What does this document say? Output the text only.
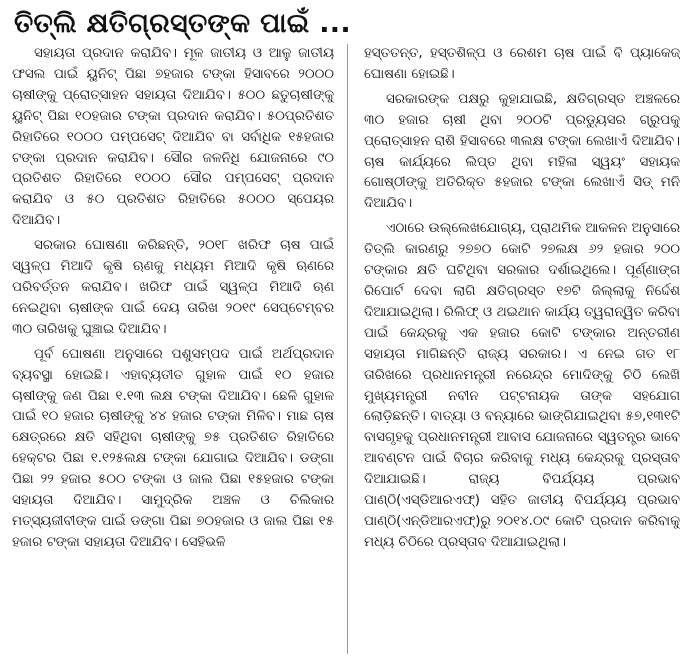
ତିତ୍‌ଲି କ୍ଷତିଗ୍ରସ୍ତଙ୍କ ପାଇଁ ...

ସହାୟତା ପ୍ରଦାନ କରାଯିବ। ମୂଳ ଜାତୀୟ ଓ ଆଳୁ ଜାତୀୟ ଫସଲ ପାଇଁ ୟୁନିଟ୍ ପିଛା ୭ହଜାର ଟଙ୍କା ହିସାବରେ ୨୦୦୦ ଚାଷୀଙ୍କୁ ପ୍ରୋତ୍ସାହନ ସହାୟତା ଦିଆଯିବ। ୫୦୦ ଛତୁଚାଷୀଙ୍କୁ ୟୁନିଟ୍ ପିଛା ୧୦ହଜାର ଟଙ୍କା ପ୍ରଦାନ କରାଯିବ। ୫୦ପ୍ରତିଶତ ରିହାତିରେ ୧୦୦୦ ପମ୍ପସେଟ୍ ଦିଆଯିବ ବା ସର୍ବାଧିକ ୧୫ହଜାର ଟଙ୍କା ପ୍ରଦାନ କରାଯିବ। ସୌର ଜଳନିଧି ଯୋଜନାରେ ୯୦ ପ୍ରତିଶତ ରିହାତିରେ ୧୦୦୦ ସୌର ପମ୍ପସେଟ୍ ପ୍ରଦାନ କରାଯିବ ଓ ୫୦ ପ୍ରତିଶତ ରିହାତିରେ ୫୦୦୦ ସ୍ପେୟର ଦିଆଯିବ।

ସରକାର ଘୋଷଣା କରିଛନ୍ତି, ୨୦୧୮ ଖରିଫ ଚାଷ ପାଇଁ ସ୍ୱଳ୍ପ ମିଆଦି କୃଷି ଋଣକୁ ମଧ୍ୟମ ମିଆଦି କୃଷି ଋଣରେ ପରିବର୍ତ୍ତନ କରାଯିବ। ଖରିଫ ପାଇଁ ସ୍ୱଳ୍ପ ମିଆଦି ଋଣ ନେଇଥିବା ଚାଷୀଙ୍କ ପାଇଁ ଦେୟ ତାରିଖ ୨୦୧୯ ସେପ୍ଟେମ୍ବର ୩୦ ତାରିଖକୁ ଘୁଞ୍ଚାଇ ଦିଆଯିବ।

ପୂର୍ବ ଘୋଷଣା ଅନୁସାରେ ପଶୁସମ୍ପଦ ପାଇଁ ଅର୍ଥପ୍ରଦାନ ବ୍ୟବସ୍ଥା ହୋଇଛି। ଏହାବ୍ୟତୀତ ଗୁହାଳ ପାଇଁ ୧୦ ହଜାର ଚାଷୀଙ୍କୁ ଜଣ ପିଛା ୧.୧୩ ଲକ୍ଷ ଟଙ୍କା ଦିଆଯିବ। ଛେଳି ଗୁହାଳ ପାଇଁ ୧୦ ହଜାର ଚାଷୀଙ୍କୁ ୪୪ ହଜାର ଟଙ୍କା ମିଳିବ। ମାଛ ଚାଷ କ୍ଷେତ୍ରରେ କ୍ଷତି ସହିଥିବା ଚାଷୀଙ୍କୁ ୭୫ ପ୍ରତିଶତ ରିହାତିରେ ହେକ୍ଟର ପିଛା ୧.୧୨୫ଲକ୍ଷ ଟଙ୍କା ଯୋଗାଇ ଦିଆଯିବ। ଡଙ୍ଗା ପିଛା ୨୨ ହଜାର ୫୦୦ ଟଙ୍କା ଓ ଜାଲ ପିଛା ୧୫ହଜାର ଟଙ୍କା ସହାୟତା ଦିଆଯିବ। ସାମୁଦ୍ରିକ ଅଞ୍ଚଳ ଓ ଚିଲିକାର ମତ୍ସ୍ୟଜୀବୀଙ୍କ ପାଇଁ ଡଙ୍ଗା ପିଛା ୭୦ହଜାର ଓ ଜାଲ ପିଛା ୧୫ ହଜାର ଟଙ୍କା ସହାୟତା ଦିଆଯିବ। ସେହିଭଳି

ହସ୍ତତନ୍ତ, ହସ୍ତଶିଳ୍ପ ଓ ରେଶମ ଚାଷ ପାଇଁ ବି ପ୍ୟାକେଜ୍ ଘୋଷଣା ହୋଇଛି।

ସରକାରଙ୍କ ପକ୍ଷରୁ କୁହାଯାଇଛି, କ୍ଷତିଗ୍ରସ୍ତ ଅଞ୍ଚଳରେ ୩୦ ହଜାର ଚାଷୀ ଥିବା ୨୦୦ଟି ପ୍ରଡ୍ୟୁସର ଗ୍ରୁପକୁ ପ୍ରୋତ୍ସାହନ ରାଶି ହିସାବରେ ୩ଲକ୍ଷ ଟଙ୍କା ଲେଖାଏଁ ଦିଆଯିବ। ଚାଷ କାର୍ଯ୍ୟରେ ଲିପ୍ତ ଥିବା ମହିଳା ସ୍ୱୟଂ ସହାୟକ ଗୋଷ୍ଠୀଙ୍କୁ ଅତିରିକ୍ତ ୫ହଜାର ଟଙ୍କା ଲେଖାଏଁ ସିଡ୍ ମନି ଦିଆଯିବ।

ଏଠାରେ ଉଲ୍ଲେଖଯୋଗ୍ୟ, ପ୍ରାଥମିକ ଆକଳନ ଅନୁସାରେ ତିତ୍‌ଲି କାରଣରୁ ୨୭୭୦ କୋଟି ୨୭ଲକ୍ଷ ୬୨ ହଜାର ୨୦୦ ଟଙ୍କାର କ୍ଷତି ଘଟିଥିବା ସରକାର ଦର୍ଶାଇଥିଲେ। ପୂର୍ଣ୍ଣାଙ୍ଗ ରିପୋର୍ଟ ଦେବା ଲାଗି କ୍ଷତିଗ୍ରସ୍ତ ୧୭ଟି ଜିଲ୍ଲାକୁ ନିର୍ଦ୍ଦେଶ ଦିଆଯାଇଥିଲା। ରିଲିଫ୍ ଓ ଥଇଥାନ କାର୍ଯ୍ୟ ତ୍ୱରାନ୍ୱିତ କରିବା ପାଇଁ କେନ୍ଦ୍ରକୁ ଏକ ହଜାର କୋଟି ଟଙ୍କାର ଅନ୍ତରୀଣ ସହାୟତା ମାଗିଛନ୍ତି ରାଜ୍ୟ ସରକାର। ଏ ନେଇ ଗତ ୧୮ ତାରିଖରେ ପ୍ରଧାନମନ୍ତ୍ରୀ ନରେନ୍ଦ୍ର ମୋଦିଙ୍କୁ ଚିଠି ଲେଖି ମୁଖ୍ୟମନ୍ତ୍ରୀ ନବୀନ ପଟ୍ଟନାୟକ ତାଙ୍କ ସହଯୋଗ ଲୋଡ଼ିଛନ୍ତି। ବାତ୍ୟା ଓ ବନ୍ୟାରେ ଭାଙ୍ଗିଯାଇଥିବା ୫୭,୧୩୧ଟି ବାସଗୃହକୁ ପ୍ରଧାନମନ୍ତ୍ରୀ ଆବାସ ଯୋଜନାରେ ସ୍ୱତନ୍ତ୍ର ଭାବେ ଆବଣ୍ଟନ ପାଇଁ ବିଚାର କରିବାକୁ ମଧ୍ୟ କେନ୍ଦ୍ରକୁ ପ୍ରସ୍ତାବ ଦିଆଯାଇଛି। ରାଜ୍ୟ ବିପର୍ଯ୍ୟୟ ପ୍ରଭାବ ପାଣ୍ଠି(ଏସ୍‌ଡିଆରଏଫ୍) ସହିତ ଜାତୀୟ ବିପର୍ଯ୍ୟୟ ପ୍ରଭାବ ପାଣ୍ଠି(ଏନ୍‌ଡିଆରଏଫ୍)ରୁ ୨୦୧୪.୦୯ କୋଟି ପ୍ରଦାନ କରିବାକୁ ମଧ୍ୟ ଚିଠିରେ ପ୍ରସ୍ତାବ ଦିଆଯାଇଥିଲା।
